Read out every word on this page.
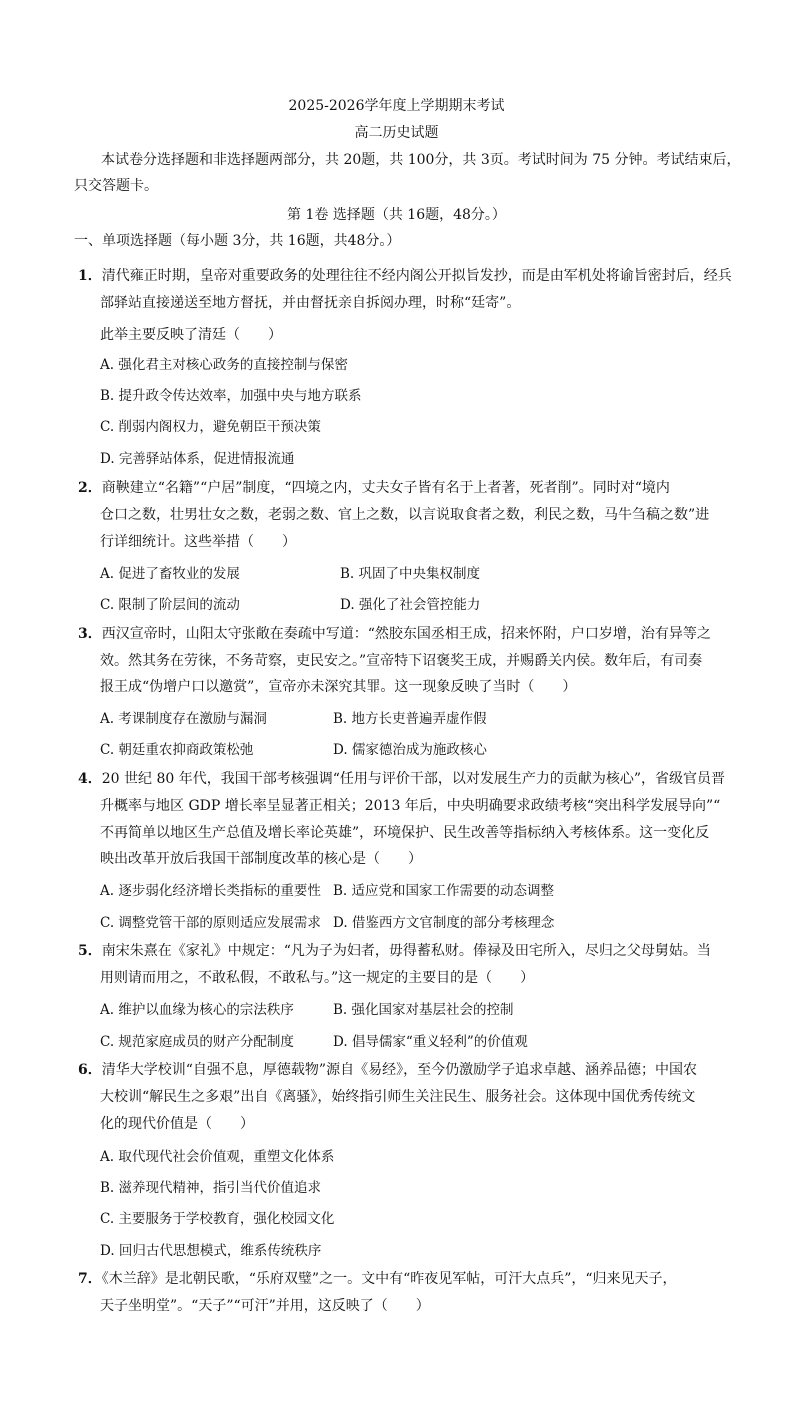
2025-2026学年度上学期期末考试
高二历史试题
本试卷分选择题和非选择题两部分，共 20题，共 100分，共 3页。考试时间为 75 分钟。考试结束后，
只交答题卡。
第 1卷 选择题（共 16题，48分。）
一、单项选择题（每小题 3分，共 16题，共48分。）
1．清代雍正时期，皇帝对重要政务的处理往往不经内阁公开拟旨发抄，而是由军机处将谕旨密封后，经兵
部驿站直接递送至地方督抚，并由督抚亲自拆阅办理，时称“廷寄”。
此举主要反映了清廷（　　）
A. 强化君主对核心政务的直接控制与保密
B. 提升政令传达效率，加强中央与地方联系
C. 削弱内阁权力，避免朝臣干预决策
D. 完善驿站体系，促进情报流通
2．商鞅建立“名籍”“户居”制度，“四境之内，丈夫女子皆有名于上者著，死者削”。同时对“境内
仓口之数，壮男壮女之数，老弱之数、官上之数，以言说取食者之数，利民之数，马牛刍稿之数”进
行详细统计。这些举措（　　）
A. 促进了畜牧业的发展	B. 巩固了中央集权制度
C. 限制了阶层间的流动	D. 强化了社会管控能力
3．西汉宣帝时，山阳太守张敞在奏疏中写道：“然胶东国丞相王成，招来怀附，户口岁增，治有异等之
效。然其务在劳徕，不务苛察，吏民安之。”宣帝特下诏褒奖王成，并赐爵关内侯。数年后，有司奏
报王成“伪增户口以邀赏”，宣帝亦未深究其罪。这一现象反映了当时（　　）
A. 考课制度存在激励与漏洞	B. 地方长吏普遍弄虚作假
C. 朝廷重农抑商政策松弛	D. 儒家德治成为施政核心
4．20 世纪 80 年代，我国干部考核强调“任用与评价干部，以对发展生产力的贡献为核心”，省级官员晋
升概率与地区 GDP 增长率呈显著正相关；2013 年后，中央明确要求政绩考核“突出科学发展导向”“
不再简单以地区生产总值及增长率论英雄”，环境保护、民生改善等指标纳入考核体系。这一变化反
映出改革开放后我国干部制度改革的核心是（　　）
A. 逐步弱化经济增长类指标的重要性 B. 适应党和国家工作需要的动态调整
C. 调整党管干部的原则适应发展需求 D. 借鉴西方文官制度的部分考核理念
5．南宋朱熹在《家礼》中规定：“凡为子为妇者，毋得蓄私财。俸禄及田宅所入，尽归之父母舅姑。当
用则请而用之，不敢私假，不敢私与。”这一规定的主要目的是（　　）
A. 维护以血缘为核心的宗法秩序	B. 强化国家对基层社会的控制
C. 规范家庭成员的财产分配制度	D. 倡导儒家“重义轻利”的价值观
6．清华大学校训“自强不息，厚德载物”源自《易经》，至今仍激励学子追求卓越、涵养品德；中国农
大校训“解民生之多艰”出自《离骚》，始终指引师生关注民生、服务社会。这体现中国优秀传统文
化的现代价值是（　　）
A. 取代现代社会价值观，重塑文化体系
B. 滋养现代精神，指引当代价值追求
C. 主要服务于学校教育，强化校园文化
D. 回归古代思想模式，维系传统秩序
7．《木兰辞》是北朝民歌，“乐府双璧”之一。文中有“昨夜见军帖，可汗大点兵”，“归来见天子，
天子坐明堂”。“天子”“可汗”并用，这反映了（　　）
